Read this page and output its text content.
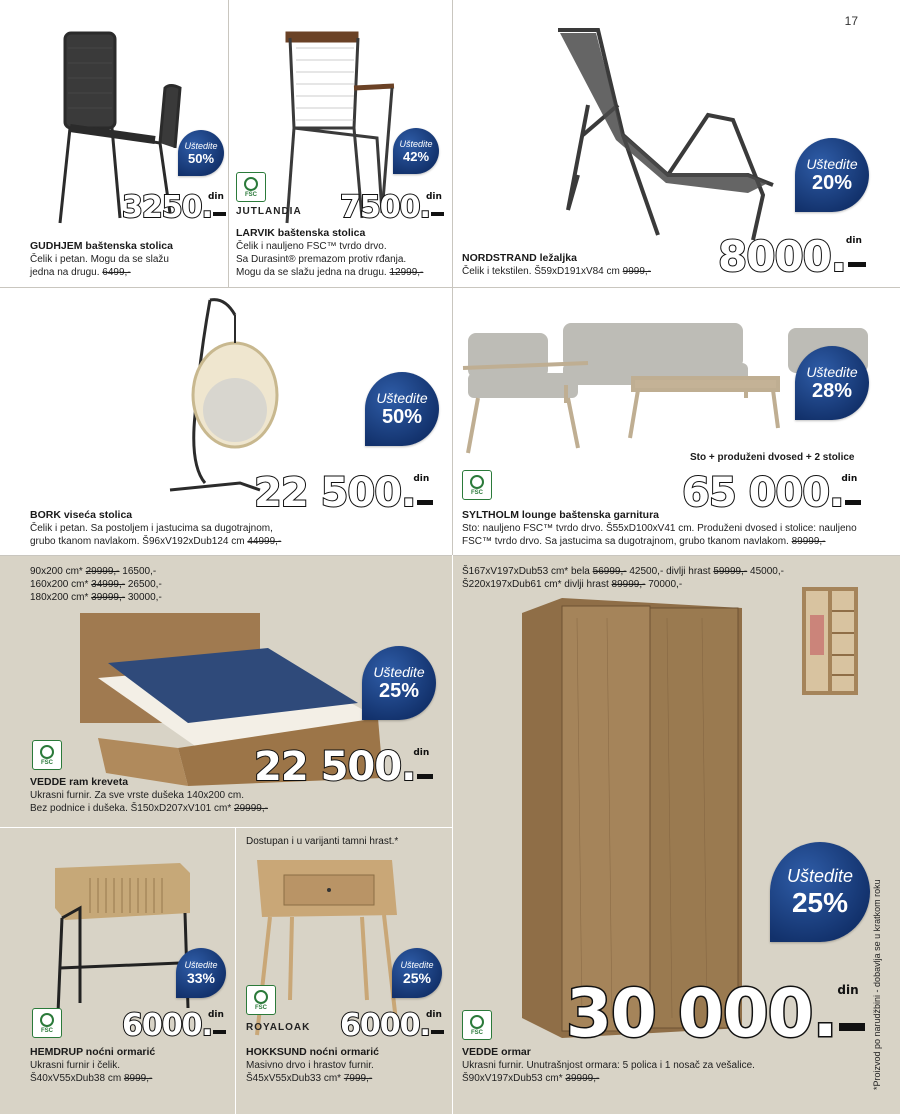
17
Uštedite
50%
3250.
din
GUDHJEM baštenska stolica
Čelik i petan. Mogu da se slažu
jedna na drugu. 6499,-
Uštedite
42%
FSC
JUTLANDIA 7500.
din
LARVIK baštenska stolica
Čelik i nauljeno FSC™ tvrdo drvo.
Sa Durasint® premazom protiv rđanja.
Mogu da se slažu jedna na drugu. 12999,-
Uštedite
20%
8000. din
NORDSTRAND ležaljka
Čelik i tekstilen. Š59xD191xV84 cm 9999,-
Uštedite
50%
22 500.
din
BORK viseća stolica
Čelik i petan. Sa postoljem i jastucima sa dugotrajnom,
grubo tkanom navlakom. Š96xV192xDub124 cm 44999,-
Uštedite
28%
Sto + produženi dvosed + 2 stolice
FSC	65 000.
din
SYLTHOLM lounge baštenska garnitura
Sto: nauljeno FSC™ tvrdo drvo. Š55xD100xV41 cm. Produženi dvosed i stolice: nauljeno
FSC™ tvrdo drvo. Sa jastucima sa dugotrajnom, grubo tkanom navlakom. 89999,-
90x200 cm* 29999,- 16500,-
160x200 cm* 34999,- 26500,-
180x200 cm* 39999,- 30000,-
Uštedite
25%
FSC	22 500.
din
VEDDE ram kreveta
Ukrasni furnir. Za sve vrste dušeka 140x200 cm.
Bez podnice i dušeka. Š150xD207xV101 cm* 29999,-
Š167xV197xDub53 cm* bela 56999,- 42500,- divlji hrast 59999,- 45000,-
Š220x197xDub61 cm* divlji hrast 89999,- 70000,-
Uštedite
25%
30 000. din
FSC
VEDDE ormar
Ukrasni furnir. Unutrašnjost ormara: 5 polica i 1 nosač za vešalice.
Š90xV197xDub53 cm* 39999,-	*Proizvod po narudžbini - dobavlja se u kratkom roku
Uštedite
33%
FSC 6000.
din
HEMDRUP noćni ormarić
Ukrasni furnir i čelik.
Š40xV55xDub38 cm 8999,-
Dostupan i u varijanti tamni hrast.*
Uštedite
25%
FSC
ROYALOAK 6000.
din
HOKKSUND noćni ormarić
Masivno drvo i hrastov furnir.
Š45xV55xDub33 cm* 7999,-
